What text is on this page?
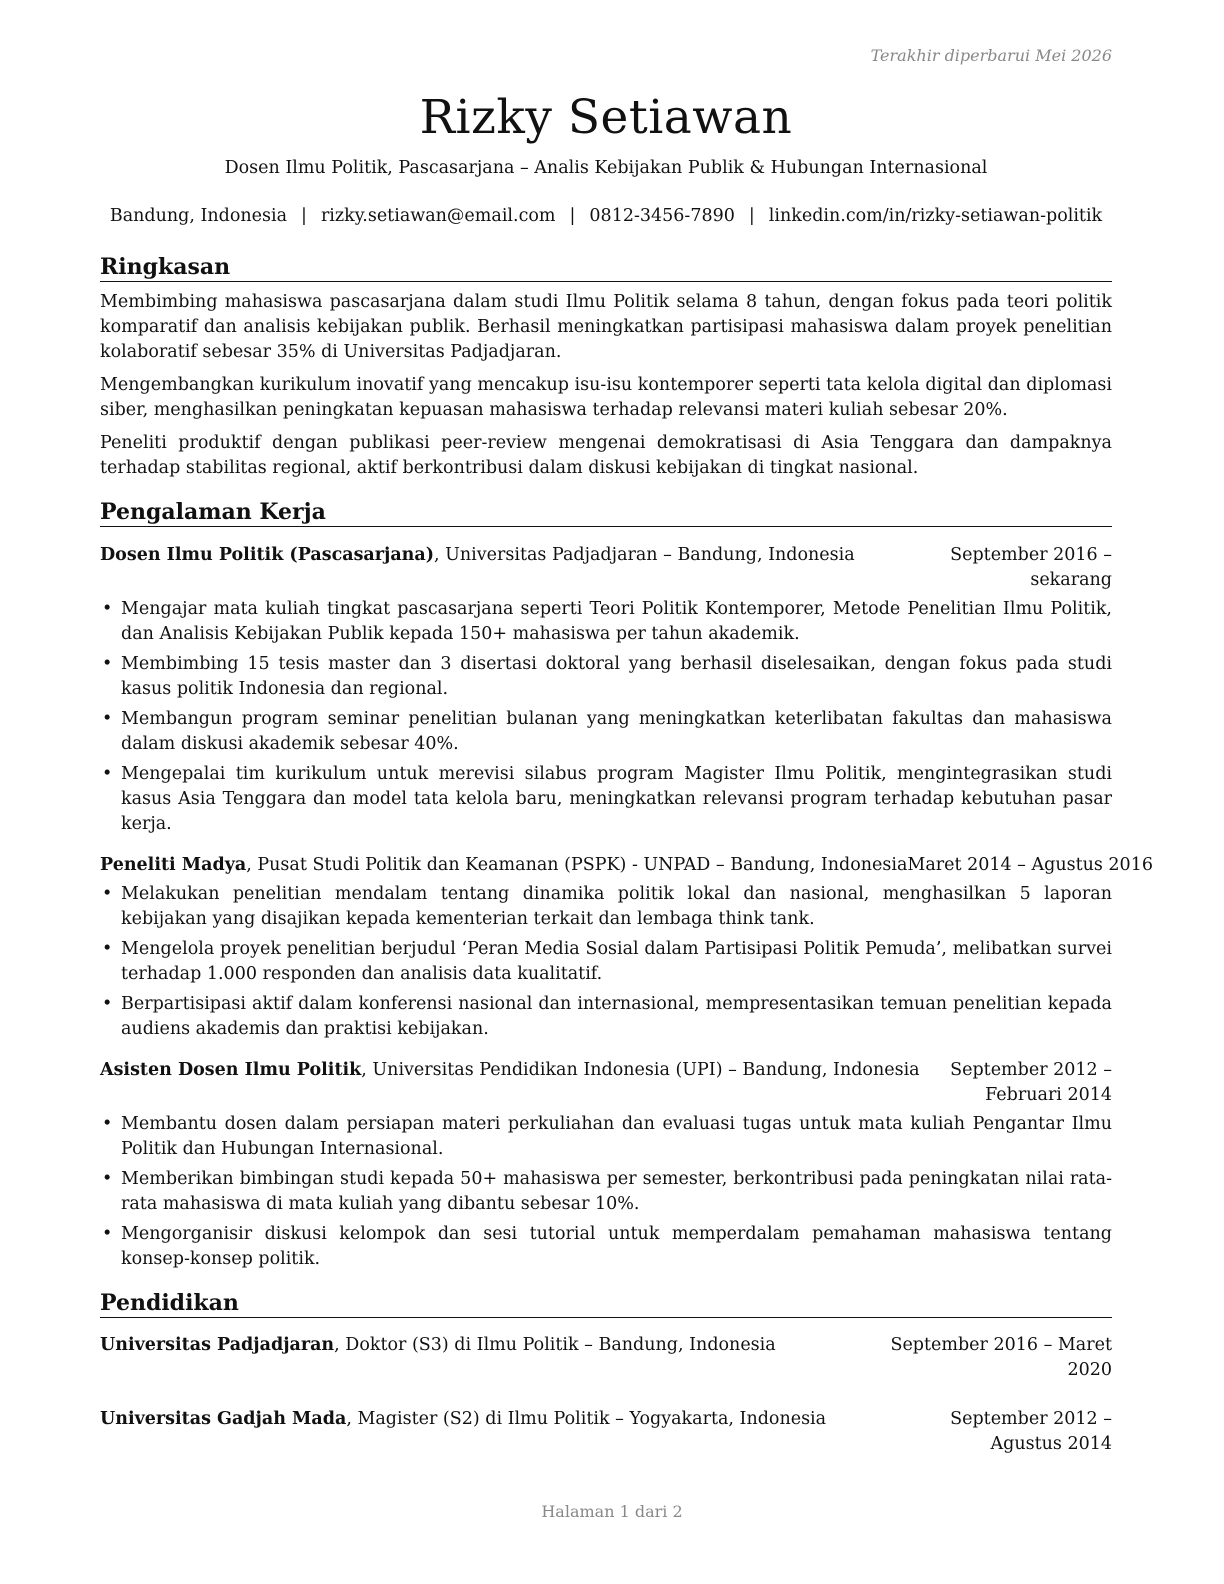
Terakhir diperbarui Mei 2026
Rizky Setiawan
Dosen Ilmu Politik, Pascasarjana – Analis Kebijakan Publik & Hubungan Internasional
Bandung, Indonesia | rizky.setiawan@email.com | 0812-3456-7890 | linkedin.com/in/rizky-setiawan-politik
Ringkasan

Membimbing mahasiswa pascasarjana dalam studi Ilmu Politik selama 8 tahun, dengan fokus pada teori politik komparatif dan analisis kebijakan publik. Berhasil meningkatkan partisipasi mahasiswa dalam proyek penelitian kolaboratif sebesar 35% di Universitas Padjadjaran.

Mengembangkan kurikulum inovatif yang mencakup isu-isu kontemporer seperti tata kelola digital dan diplomasi siber, menghasilkan peningkatan kepuasan mahasiswa terhadap relevansi materi kuliah sebesar 20%.

Peneliti produktif dengan publikasi peer-review mengenai demokratisasi di Asia Tenggara dan dampaknya terhadap stabilitas regional, aktif berkontribusi dalam diskusi kebijakan di tingkat nasional.

Pengalaman Kerja
Dosen Ilmu Politik (Pascasarjana), Universitas Padjadjaran – Bandung, Indonesia	September 2016 – sekarang
• Mengajar mata kuliah tingkat pascasarjana seperti Teori Politik Kontemporer, Metode Penelitian Ilmu Politik, dan Analisis Kebijakan Publik kepada 150+ mahasiswa per tahun akademik.
• Membimbing 15 tesis master dan 3 disertasi doktoral yang berhasil diselesaikan, dengan fokus pada studi kasus politik Indonesia dan regional.
• Membangun program seminar penelitian bulanan yang meningkatkan keterlibatan fakultas dan mahasiswa dalam diskusi akademik sebesar 40%.
• Mengepalai tim kurikulum untuk merevisi silabus program Magister Ilmu Politik, mengintegrasikan studi kasus Asia Tenggara dan model tata kelola baru, meningkatkan relevansi program terhadap kebutuhan pasar kerja.
Peneliti Madya, Pusat Studi Politik dan Keamanan (PSPK) - UNPAD – Bandung, Indonesia Maret 2014 – Agustus 2016
• Melakukan penelitian mendalam tentang dinamika politik lokal dan nasional, menghasilkan 5 laporan kebijakan yang disajikan kepada kementerian terkait dan lembaga think tank.
• Mengelola proyek penelitian berjudul ‘Peran Media Sosial dalam Partisipasi Politik Pemuda’, melibatkan survei terhadap 1.000 responden dan analisis data kualitatif.
• Berpartisipasi aktif dalam konferensi nasional dan internasional, mempresentasikan temuan penelitian kepada audiens akademis dan praktisi kebijakan.
Asisten Dosen Ilmu Politik, Universitas Pendidikan Indonesia (UPI) – Bandung, Indonesia	September 2012 – Februari 2014
• Membantu dosen dalam persiapan materi perkuliahan dan evaluasi tugas untuk mata kuliah Pengantar Ilmu Politik dan Hubungan Internasional.
• Memberikan bimbingan studi kepada 50+ mahasiswa per semester, berkontribusi pada peningkatan nilai rata-rata mahasiswa di mata kuliah yang dibantu sebesar 10%.
• Mengorganisir diskusi kelompok dan sesi tutorial untuk memperdalam pemahaman mahasiswa tentang konsep-konsep politik.
Pendidikan
Universitas Padjadjaran, Doktor (S3) di Ilmu Politik – Bandung, Indonesia	September 2016 – Maret 2020
Universitas Gadjah Mada, Magister (S2) di Ilmu Politik – Yogyakarta, Indonesia	September 2012 – Agustus 2014
Halaman 1 dari 2
